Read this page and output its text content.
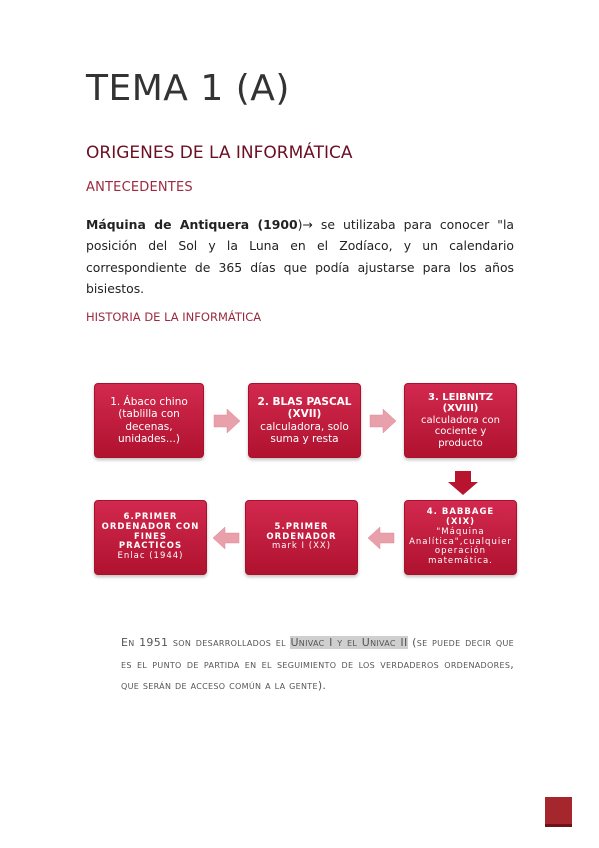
TEMA 1 (A)
ORIGENES DE LA INFORMÁTICA
ANTECEDENTES

Máquina de Antiquera (1900)→ se utilizaba para conocer "la posición del Sol y la Luna en el Zodíaco, y un calendario correspondiente de 365 días que podía ajustarse para los años bisiestos.

HISTORIA DE LA INFORMÁTICA
1. Ábaco chino
(tablilla con decenas, unidades...)
2. BLAS PASCAL (XVII)
calculadora, solo suma y resta
3. LEIBNITZ (XVIII)
calculadora con cociente y producto
4. BABBAGE (XIX)
"Máquina Analítica",cualquier operación matemática.
5.PRIMER ORDENADOR
mark I (XX)
6.PRIMER ORDENADOR CON FINES PRACTICOS
Enlac (1944)

En 1951 son desarrollados el Univac I y el Univac II (se puede decir que es el punto de partida en el seguimiento de los verdaderos ordenadores, que serán de acceso común a la gente).
